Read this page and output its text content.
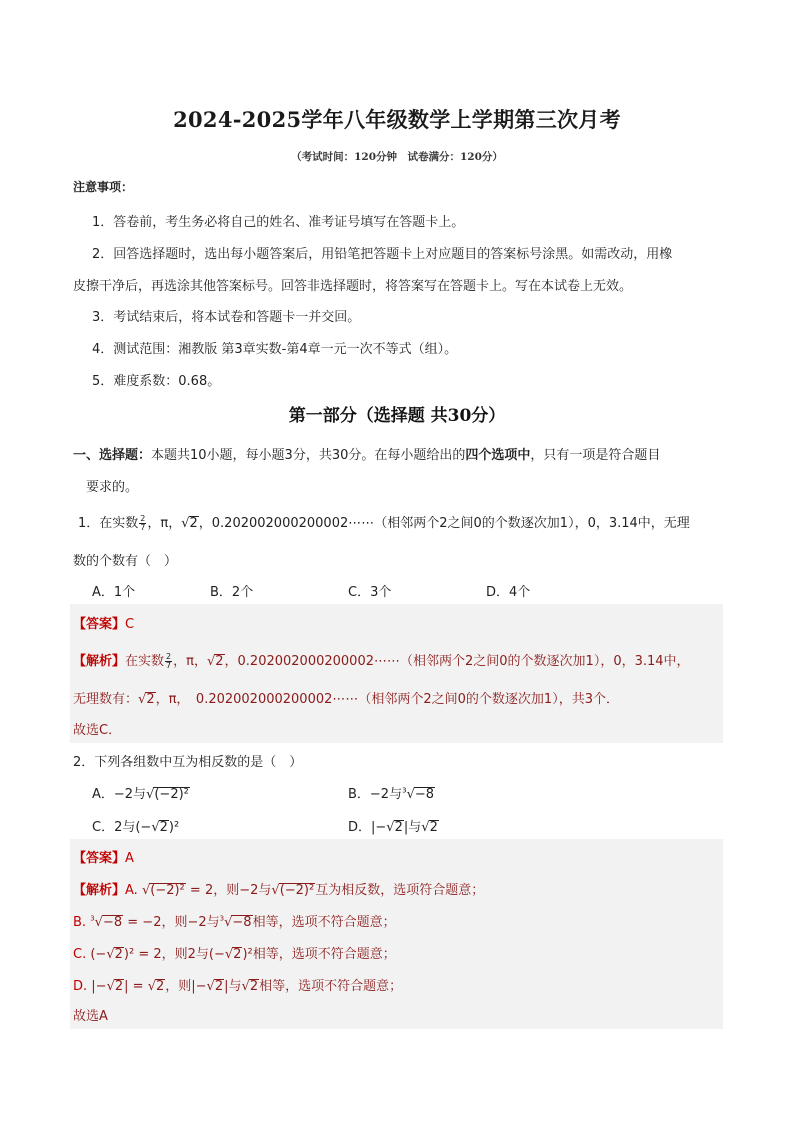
2024-2025学年八年级数学上学期第三次月考
（考试时间：120分钟　试卷满分：120分）
注意事项：
1．答卷前，考生务必将自己的姓名、准考证号填写在答题卡上。
2．回答选择题时，选出每小题答案后，用铅笔把答题卡上对应题目的答案标号涂黑。如需改动，用橡
皮擦干净后，再选涂其他答案标号。回答非选择题时，将答案写在答题卡上。写在本试卷上无效。
3．考试结束后，将本试卷和答题卡一并交回。
4．测试范围：湘教版 第3章实数-第4章一元一次不等式（组）。
5．难度系数：0.68。
第一部分（选择题 共30分）
一、选择题：本题共10小题，每小题3分，共30分。在每小题给出的四个选项中，只有一项是符合题目
要求的。
1．在实数 $\frac{2}{7}$ ，π，√2，0.202002000200002⋯⋯（相邻两个2之间0的个数逐次加1），0，3.14中，无理
数的个数有（　）
A．1个	B．2个	C．3个	D．4个
【答案】C
【解析】在实数 $\frac{2}{7}$ ，π，√2，0.202002000200002⋯⋯（相邻两个2之间0的个数逐次加1），0，3.14中，
无理数有：√2，π，　0.202002000200002⋯⋯（相邻两个2之间0的个数逐次加1），共3个．
故选C．
2．下列各组数中互为相反数的是（　）
A．−2与√(−2)²	B．−2与$^3$√−8
C．2与(−√2)²	D．|−√2|与√2
【答案】A
【解析】A. √(−2)² = 2，则−2与√(−2)²互为相反数，选项符合题意；
B. $^3$√−8 = −2，则−2与$^3$√−8相等，选项不符合题意；
C. (−√2)² = 2，则2与(−√2)²相等，选项不符合题意；
D. |−√2| = √2，则|−√2|与√2相等，选项不符合题意；
故选A
